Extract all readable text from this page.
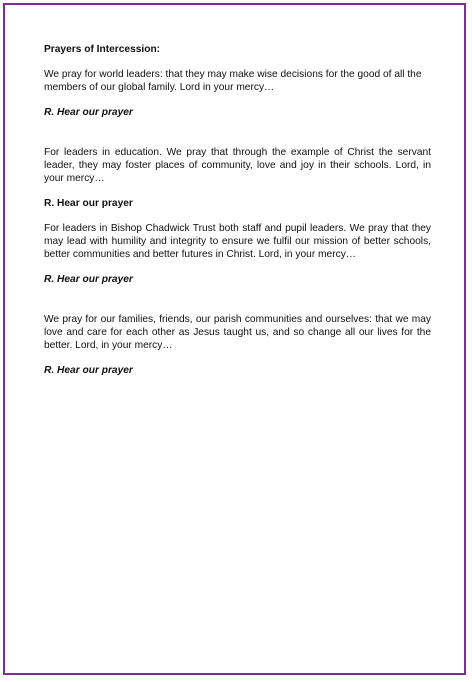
Prayers of Intercession:

We pray for world leaders: that they may make wise decisions for the good of all the members of our global family. Lord in your mercy…

R. Hear our prayer

For leaders in education. We pray that through the example of Christ the servant leader, they may foster places of community, love and joy in their schools. Lord, in your mercy…

R. Hear our prayer

For leaders in Bishop Chadwick Trust both staff and pupil leaders. We pray that they may lead with humility and integrity to ensure we fulfil our mission of better schools, better communities and better futures in Christ. Lord, in your mercy…

R. Hear our prayer

We pray for our families, friends, our parish communities and ourselves: that we may love and care for each other as Jesus taught us, and so change all our lives for the better. Lord, in your mercy…

R. Hear our prayer
